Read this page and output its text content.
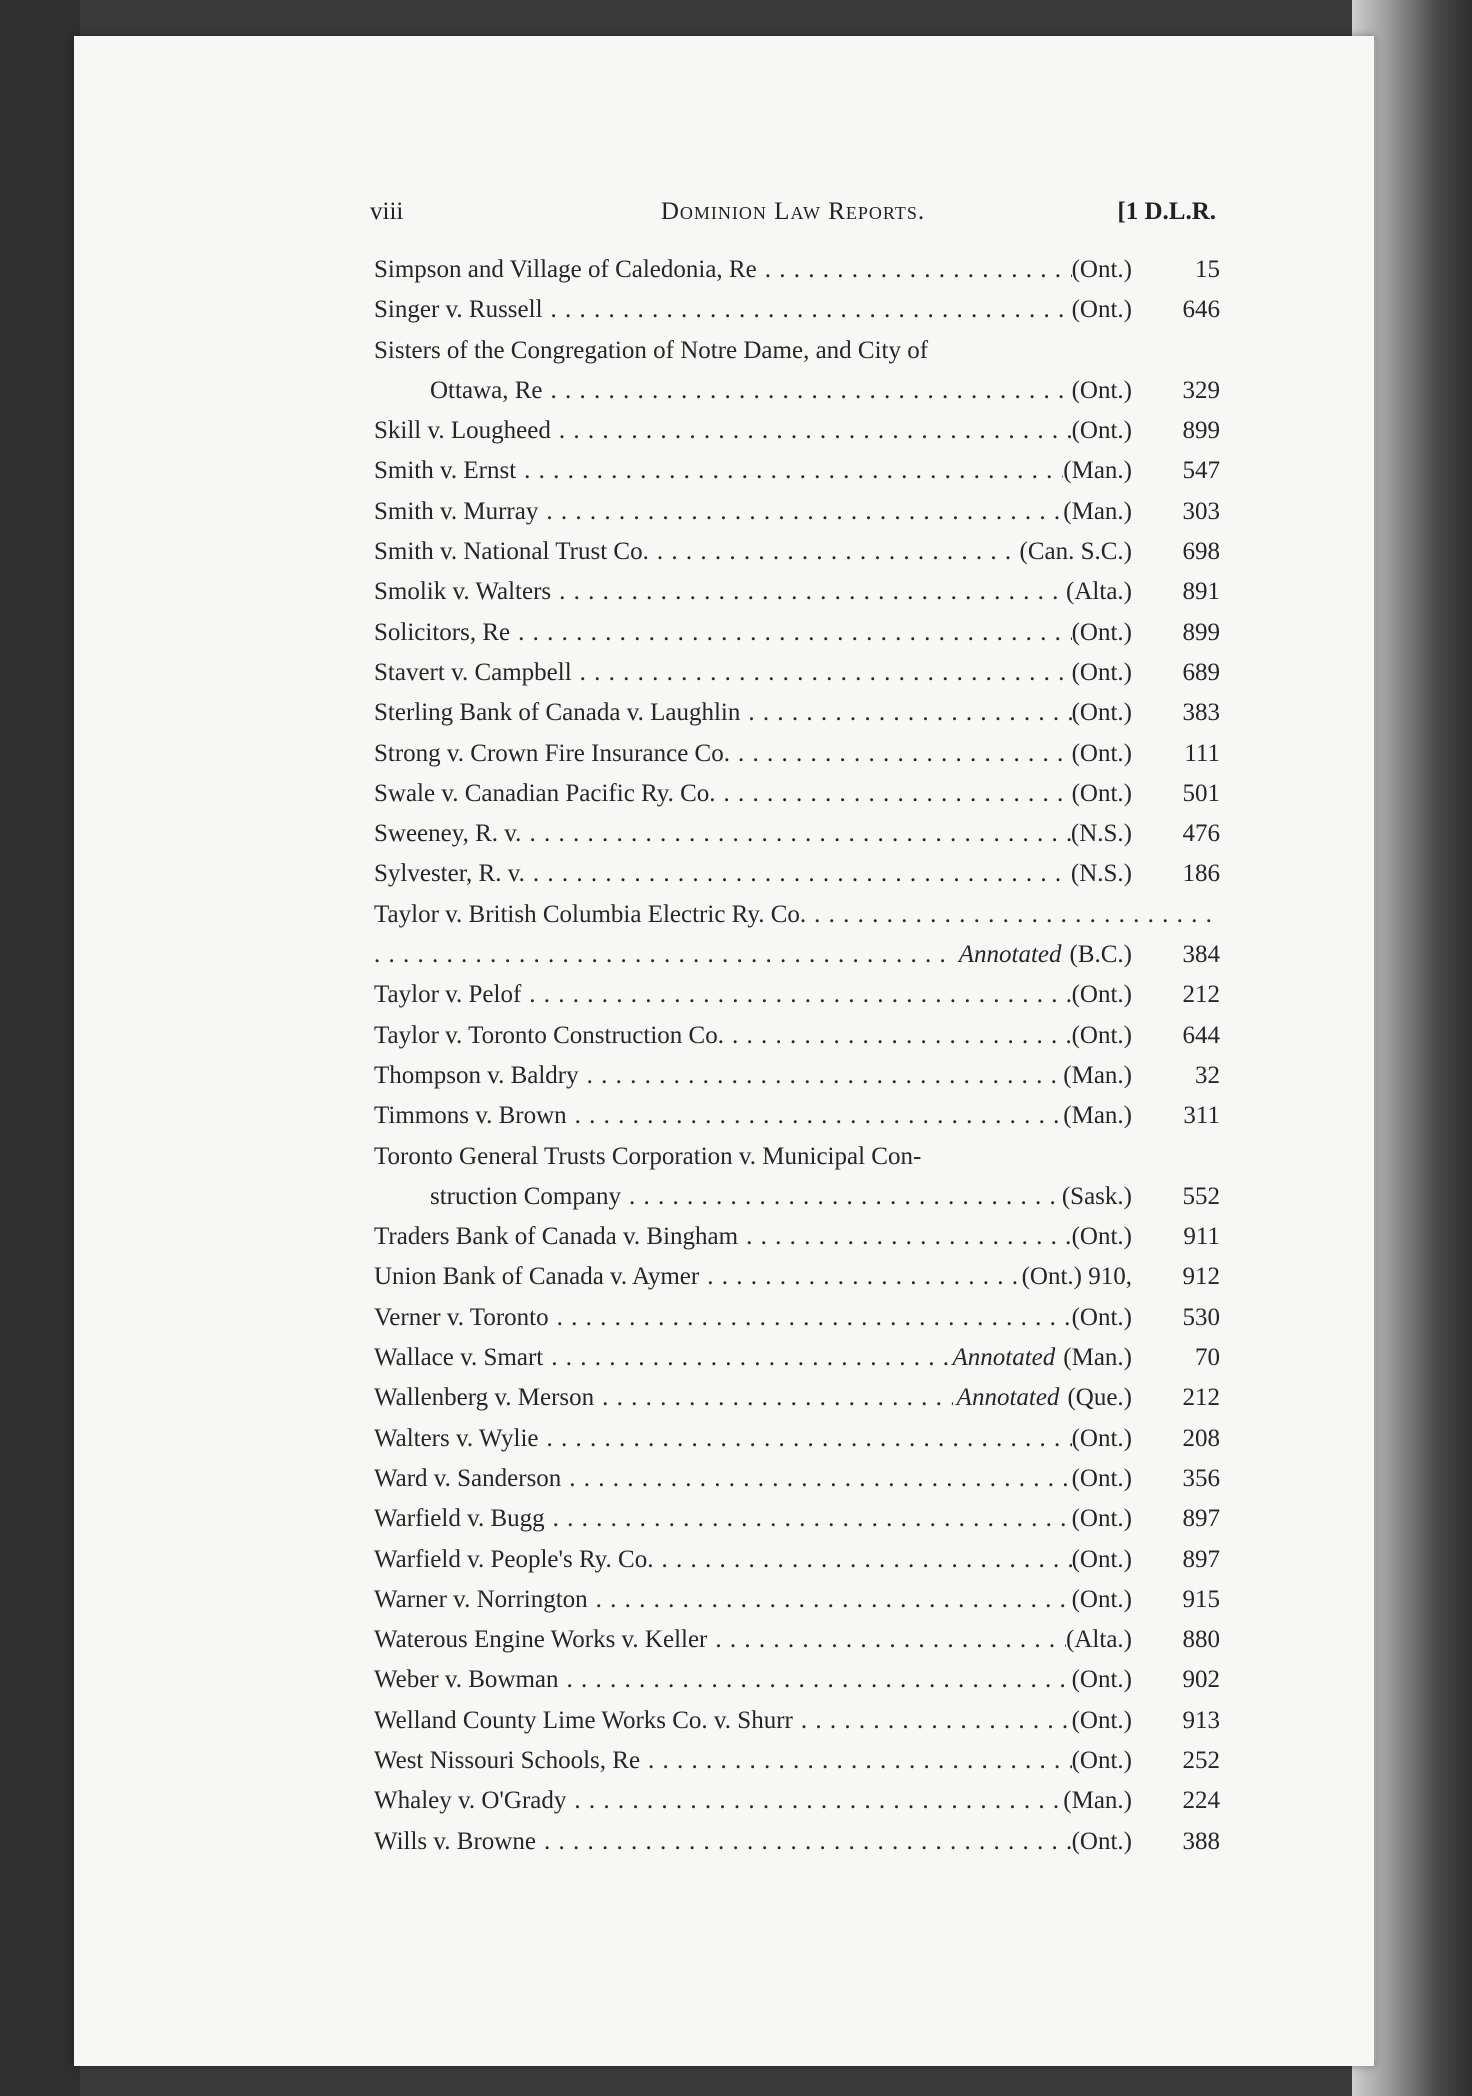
viii	Dominion Law Reports.	[1 D.L.R.
Simpson and Village of Caledonia, Re . . .	(Ont.)	15
Singer v. Russell . . .	(Ont.)	646
Sisters of the Congregation of Notre Dame, and City of
Ottawa, Re . . .	(Ont.)	329
Skill v. Lougheed . . .	(Ont.)	899
Smith v. Ernst . . .	(Man.)	547
Smith v. Murray . . .	(Man.)	303
Smith v. National Trust Co. . . .	(Can. S.C.)	698
Smolik v. Walters . . .	(Alta.)	891
Solicitors, Re . . .	(Ont.)	899
Stavert v. Campbell . . .	(Ont.)	689
Sterling Bank of Canada v. Laughlin . . .	(Ont.)	383
Strong v. Crown Fire Insurance Co. . . .	(Ont.)	111
Swale v. Canadian Pacific Ry. Co. . . .	(Ont.)	501
Sweeney, R. v. . . .	(N.S.)	476
Sylvester, R. v. . . .	(N.S.)	186
Taylor v. British Columbia Electric Ry. Co.
. . .
. . .
Annotated (B.C.)	384
Taylor v. Pelof . . .	(Ont.)	212
Taylor v. Toronto Construction Co. . . .	(Ont.)	644
Thompson v. Baldry . . .	(Man.)	32
Timmons v. Brown . . .	(Man.)	311
Toronto General Trusts Corporation v. Municipal Con-
struction Company . . .	(Sask.)	552
Traders Bank of Canada v. Bingham . . .	(Ont.)	911
Union Bank of Canada v. Aymer . . .	(Ont.) 910,	912
Verner v. Toronto . . .	(Ont.)	530
Wallace v. Smart . . .	Annotated (Man.)	70
Wallenberg v. Merson . . .	Annotated (Que.)	212
Walters v. Wylie . . .	(Ont.)	208
Ward v. Sanderson . . .	(Ont.)	356
Warfield v. Bugg . . .	(Ont.)	897
Warfield v. People's Ry. Co. . . .	(Ont.)	897
Warner v. Norrington . . .	(Ont.)	915
Waterous Engine Works v. Keller . . .	(Alta.)	880
Weber v. Bowman . . .	(Ont.)	902
Welland County Lime Works Co. v. Shurr . . .	(Ont.)	913
West Nissouri Schools, Re . . .	(Ont.)	252
Whaley v. O'Grady . . .	(Man.)	224
Wills v. Browne . . .	(Ont.)	388
